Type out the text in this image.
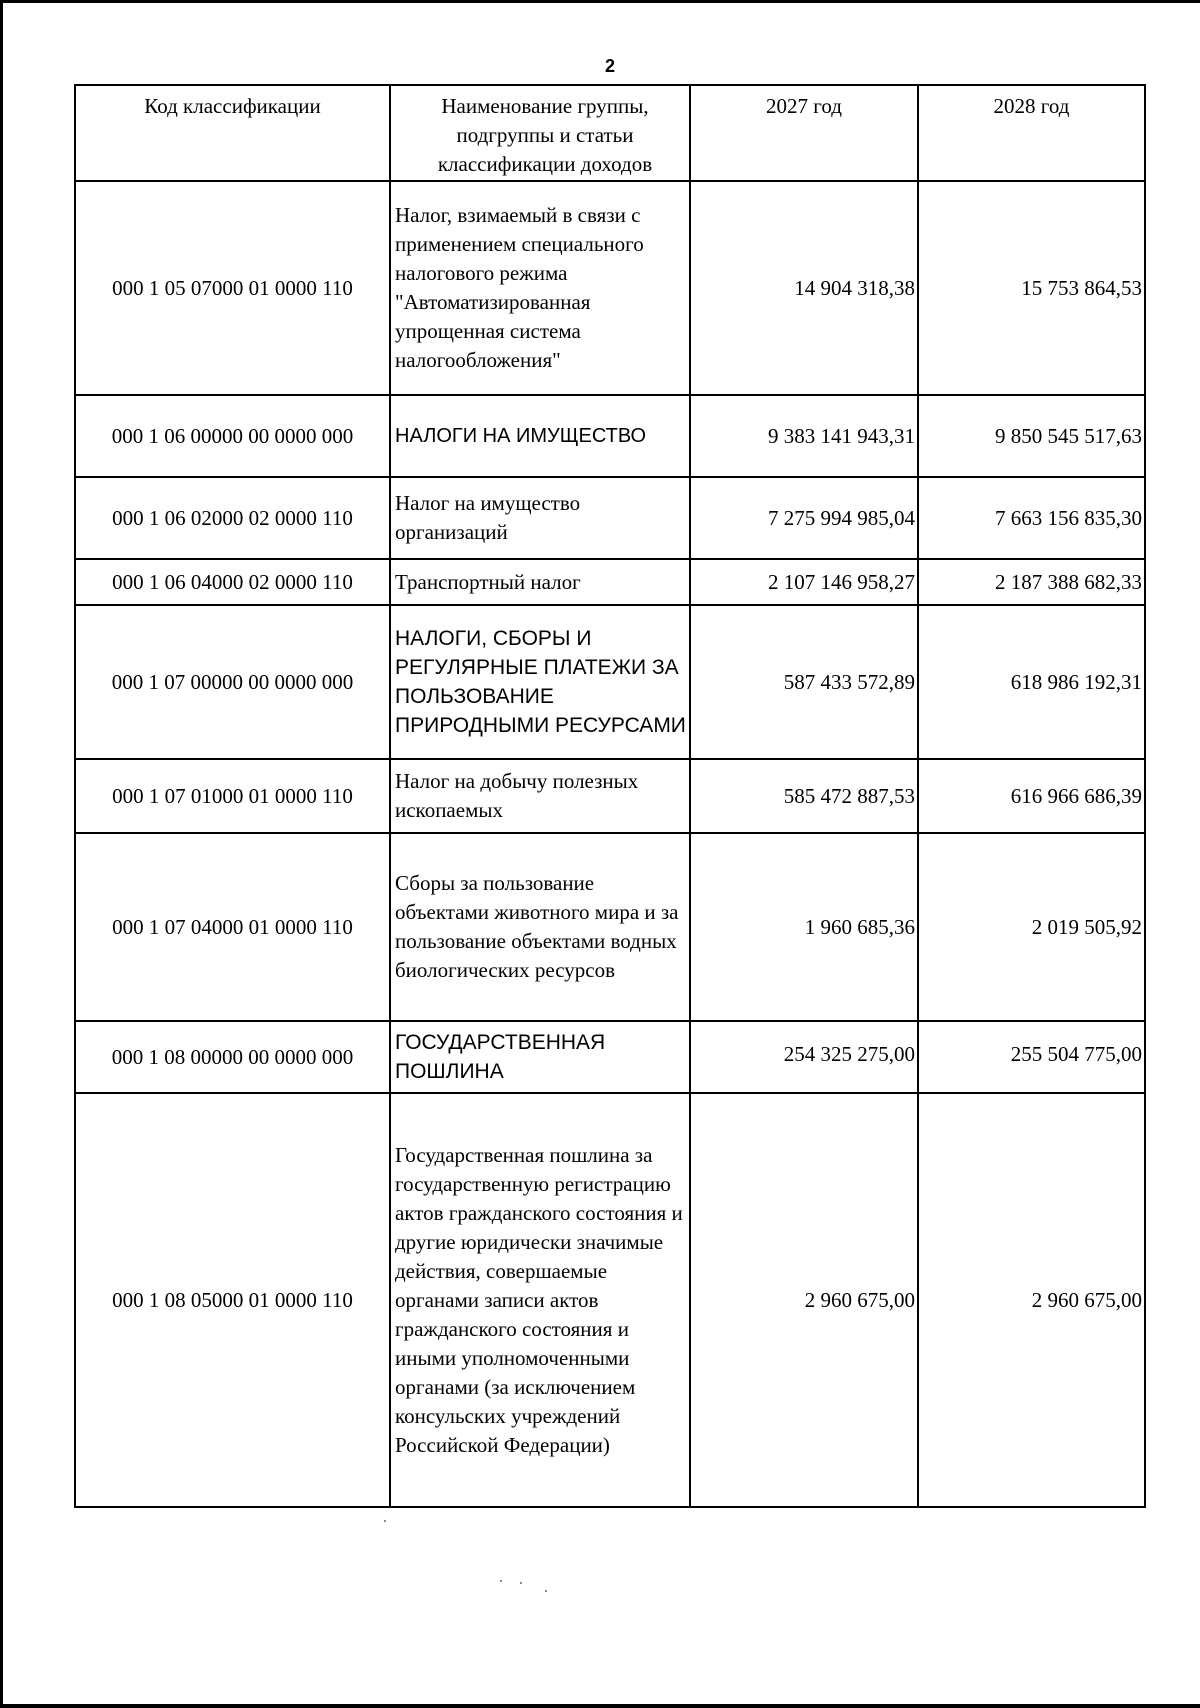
2
Код классификации	Наименование группы, подгруппы и статьи классификации доходов	2027 год	2028 год
000 1 05 07000 01 0000 110	Налог, взимаемый в связи с применением специального налогового режима "Автоматизированная упрощенная система налогообложения"	14 904 318,38	15 753 864,53
000 1 06 00000 00 0000 000	НАЛОГИ НА ИМУЩЕСТВО	9 383 141 943,31	9 850 545 517,63
000 1 06 02000 02 0000 110	Налог на имущество организаций	7 275 994 985,04	7 663 156 835,30
000 1 06 04000 02 0000 110	Транспортный налог	2 107 146 958,27	2 187 388 682,33
000 1 07 00000 00 0000 000	НАЛОГИ, СБОРЫ И РЕГУЛЯРНЫЕ ПЛАТЕЖИ ЗА ПОЛЬЗОВАНИЕ ПРИРОДНЫМИ РЕСУРСАМИ	587 433 572,89	618 986 192,31
000 1 07 01000 01 0000 110	Налог на добычу полезных ископаемых	585 472 887,53	616 966 686,39
000 1 07 04000 01 0000 110	Сборы за пользование объектами животного мира и за пользование объектами водных биологических ресурсов	1 960 685,36	2 019 505,92
000 1 08 00000 00 0000 000	ГОСУДАРСТВЕННАЯ ПОШЛИНА	254 325 275,00	255 504 775,00
000 1 08 05000 01 0000 110	Государственная пошлина за государственную регистрацию актов гражданского состояния и другие юридически значимые действия, совершаемые органами записи актов гражданского состояния и иными уполномоченными органами (за исключением консульских учреждений Российской Федерации)	2 960 675,00	2 960 675,00
